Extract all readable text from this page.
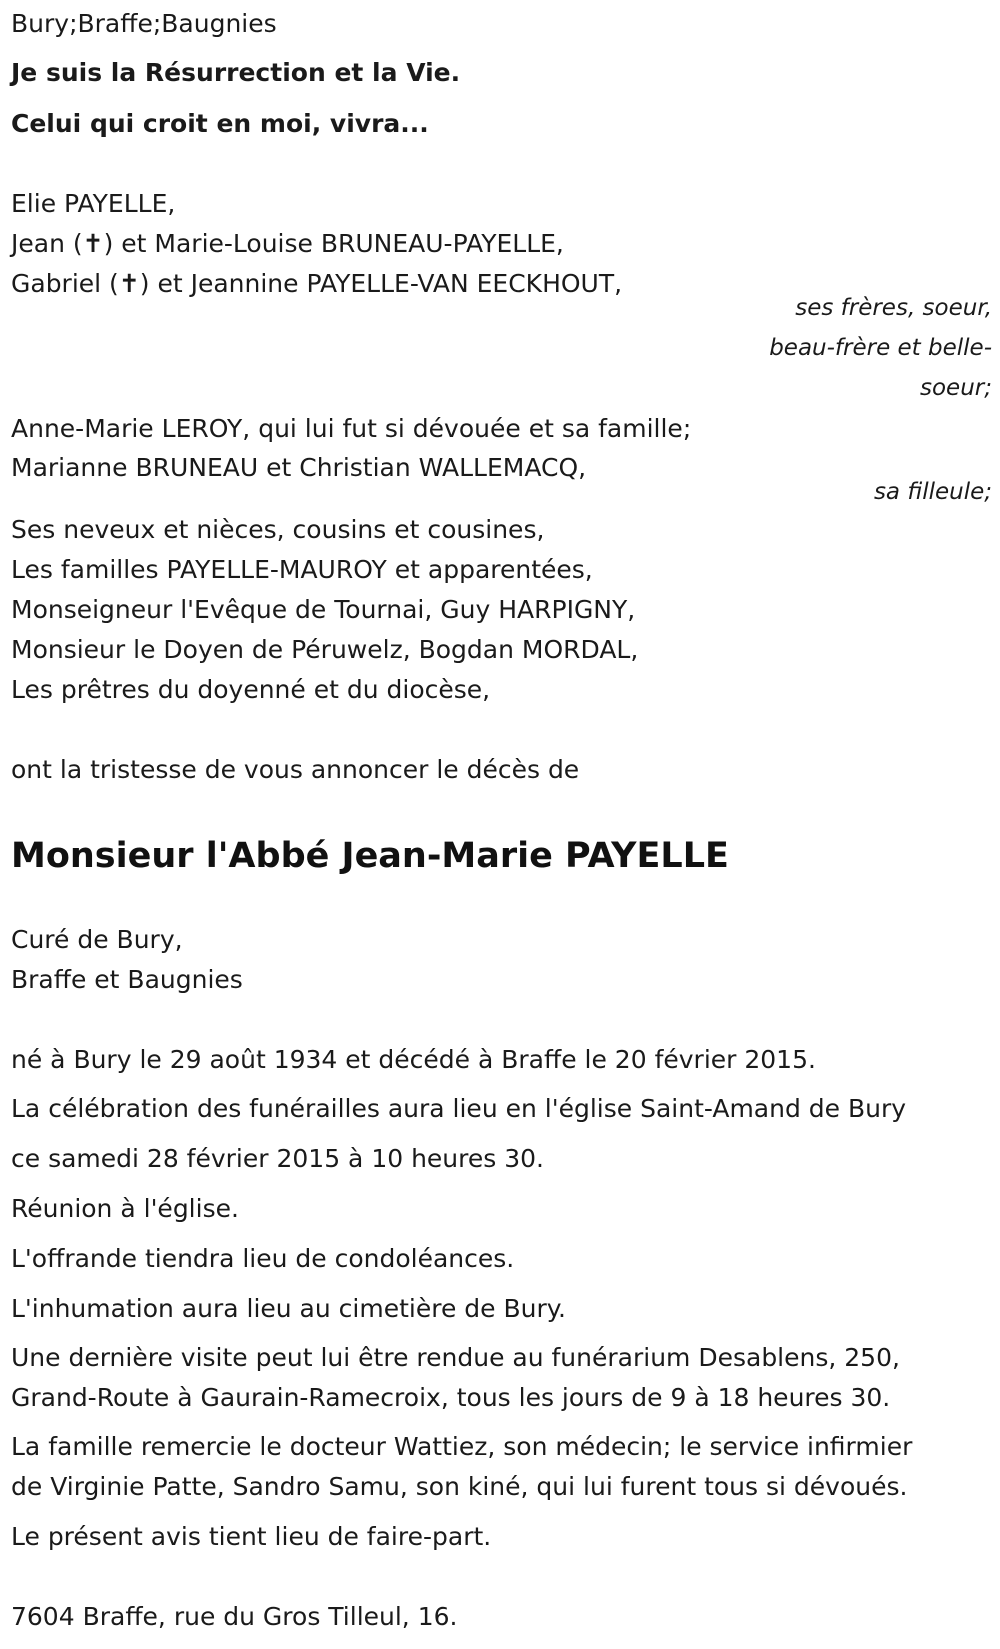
Bury;Braffe;Baugnies
Je suis la Résurrection et la Vie.
Celui qui croit en moi, vivra...
Elie PAYELLE,
Jean (✝) et Marie-Louise BRUNEAU-PAYELLE,
Gabriel (✝) et Jeannine PAYELLE-VAN EECKHOUT,
ses frères, soeur,
beau-frère et belle-
soeur;
Anne-Marie LEROY, qui lui fut si dévouée et sa famille;
Marianne BRUNEAU et Christian WALLEMACQ,
sa filleule;
Ses neveux et nièces, cousins et cousines,
Les familles PAYELLE-MAUROY et apparentées,
Monseigneur l'Evêque de Tournai, Guy HARPIGNY,
Monsieur le Doyen de Péruwelz, Bogdan MORDAL,
Les prêtres du doyenné et du diocèse,
ont la tristesse de vous annoncer le décès de
Monsieur l'Abbé Jean-Marie PAYELLE
Curé de Bury,
Braffe et Baugnies
né à Bury le 29 août 1934 et décédé à Braffe le 20 février 2015.
La célébration des funérailles aura lieu en l'église Saint-Amand de Bury
ce samedi 28 février 2015 à 10 heures 30.
Réunion à l'église.
L'offrande tiendra lieu de condoléances.
L'inhumation aura lieu au cimetière de Bury.
Une dernière visite peut lui être rendue au funérarium Desablens, 250,
Grand-Route à Gaurain-Ramecroix, tous les jours de 9 à 18 heures 30.
La famille remercie le docteur Wattiez, son médecin; le service infirmier
de Virginie Patte, Sandro Samu, son kiné, qui lui furent tous si dévoués.
Le présent avis tient lieu de faire-part.
7604 Braffe, rue du Gros Tilleul, 16.
